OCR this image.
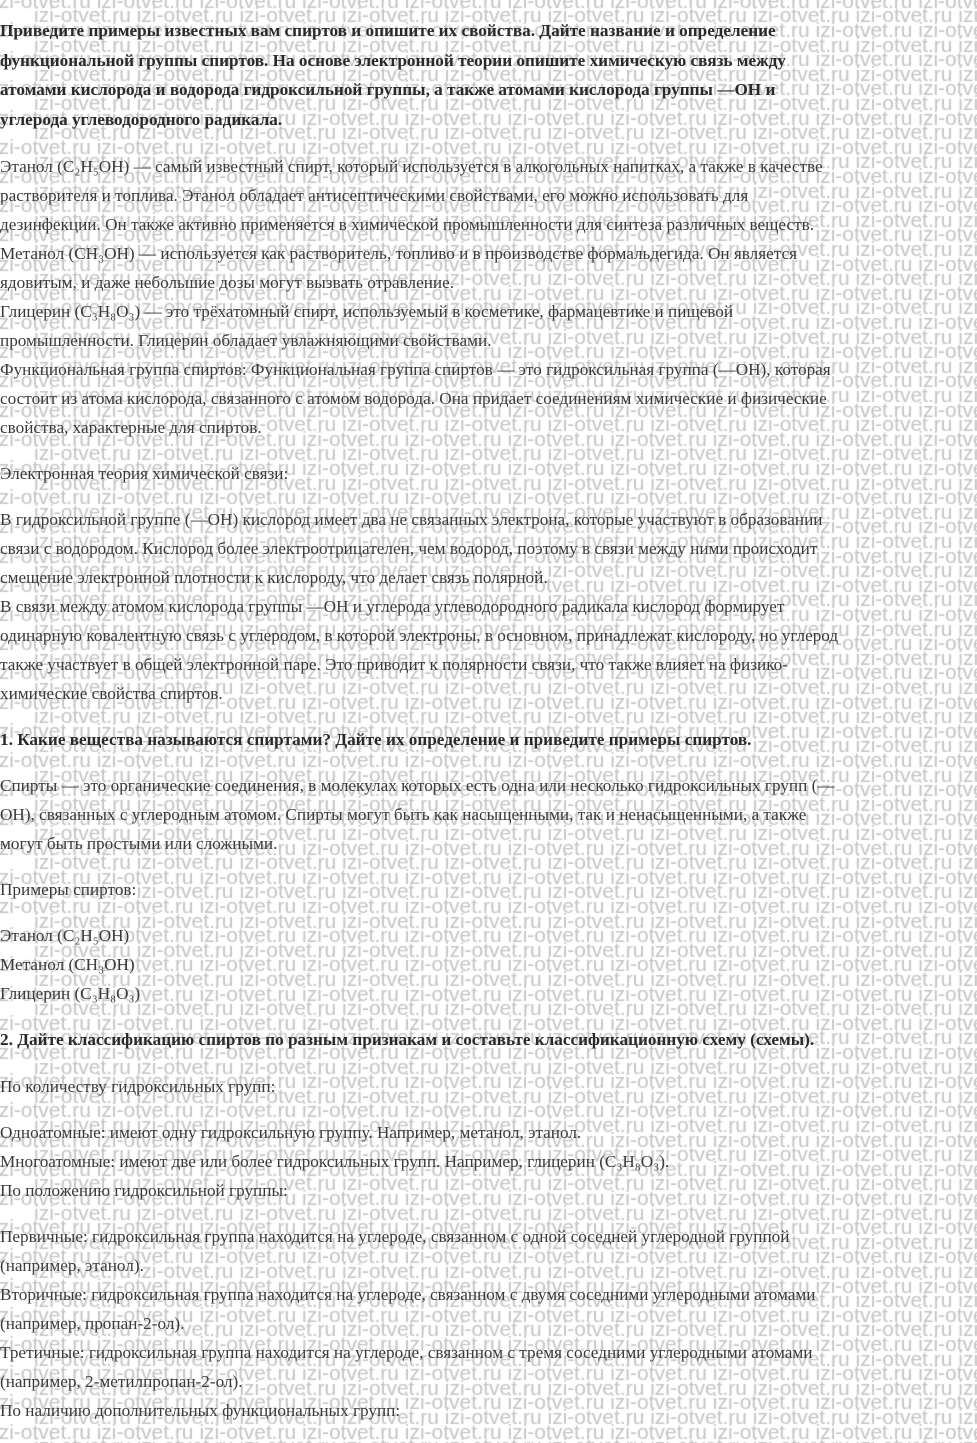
Приведите примеры известных вам спиртов и опишите их свойства. Дайте название и определение
функциональной группы спиртов. На основе электронной теории опишите химическую связь между
атомами кислорода и водорода гидроксильной группы, а также атомами кислорода группы —OH и
углерода углеводородного радикала.
Этанол (C₂H₅OH) — самый известный спирт, который используется в алкогольных напитках, а также в качестве
растворителя и топлива. Этанол обладает антисептическими свойствами, его можно использовать для
дезинфекции. Он также активно применяется в химической промышленности для синтеза различных веществ.
Метанол (CH₃OH) — используется как растворитель, топливо и в производстве формальдегида. Он является
ядовитым, и даже небольшие дозы могут вызвать отравление.
Глицерин (C₃H₈O₃) — это трёхатомный спирт, используемый в косметике, фармацевтике и пищевой
промышленности. Глицерин обладает увлажняющими свойствами.
Функциональная группа спиртов: Функциональная группа спиртов — это гидроксильная группа (—OH), которая
состоит из атома кислорода, связанного с атомом водорода. Она придает соединениям химические и физические
свойства, характерные для спиртов.
Электронная теория химической связи:
В гидроксильной группе (—OH) кислород имеет два не связанных электрона, которые участвуют в образовании
связи с водородом. Кислород более электроотрицателен, чем водород, поэтому в связи между ними происходит
смещение электронной плотности к кислороду, что делает связь полярной.
В связи между атомом кислорода группы —OH и углерода углеводородного радикала кислород формирует
одинарную ковалентную связь с углеродом, в которой электроны, в основном, принадлежат кислороду, но углерод
также участвует в общей электронной паре. Это приводит к полярности связи, что также влияет на физико-
химические свойства спиртов.
1. Какие вещества называются спиртами? Дайте их определение и приведите примеры спиртов.
Спирты — это органические соединения, в молекулах которых есть одна или несколько гидроксильных групп (—
OH), связанных с углеродным атомом. Спирты могут быть как насыщенными, так и ненасыщенными, а также
могут быть простыми или сложными.
Примеры спиртов:
Этанол (C₂H₅OH)
Метанол (CH₃OH)
Глицерин (C₃H₈O₃)
2. Дайте классификацию спиртов по разным признакам и составьте классификационную схему (схемы).
По количеству гидроксильных групп:
Одноатомные: имеют одну гидроксильную группу. Например, метанол, этанол.
Многоатомные: имеют две или более гидроксильных групп. Например, глицерин (C₃H₈O₃).
По положению гидроксильной группы:
Первичные: гидроксильная группа находится на углероде, связанном с одной соседней углеродной группой
(например, этанол).
Вторичные: гидроксильная группа находится на углероде, связанном с двумя соседними углеродными атомами
(например, пропан-2-ол).
Третичные: гидроксильная группа находится на углероде, связанном с тремя соседними углеродными атомами
(например, 2-метилпропан-2-ол).
По наличию дополнительных функциональных групп:
